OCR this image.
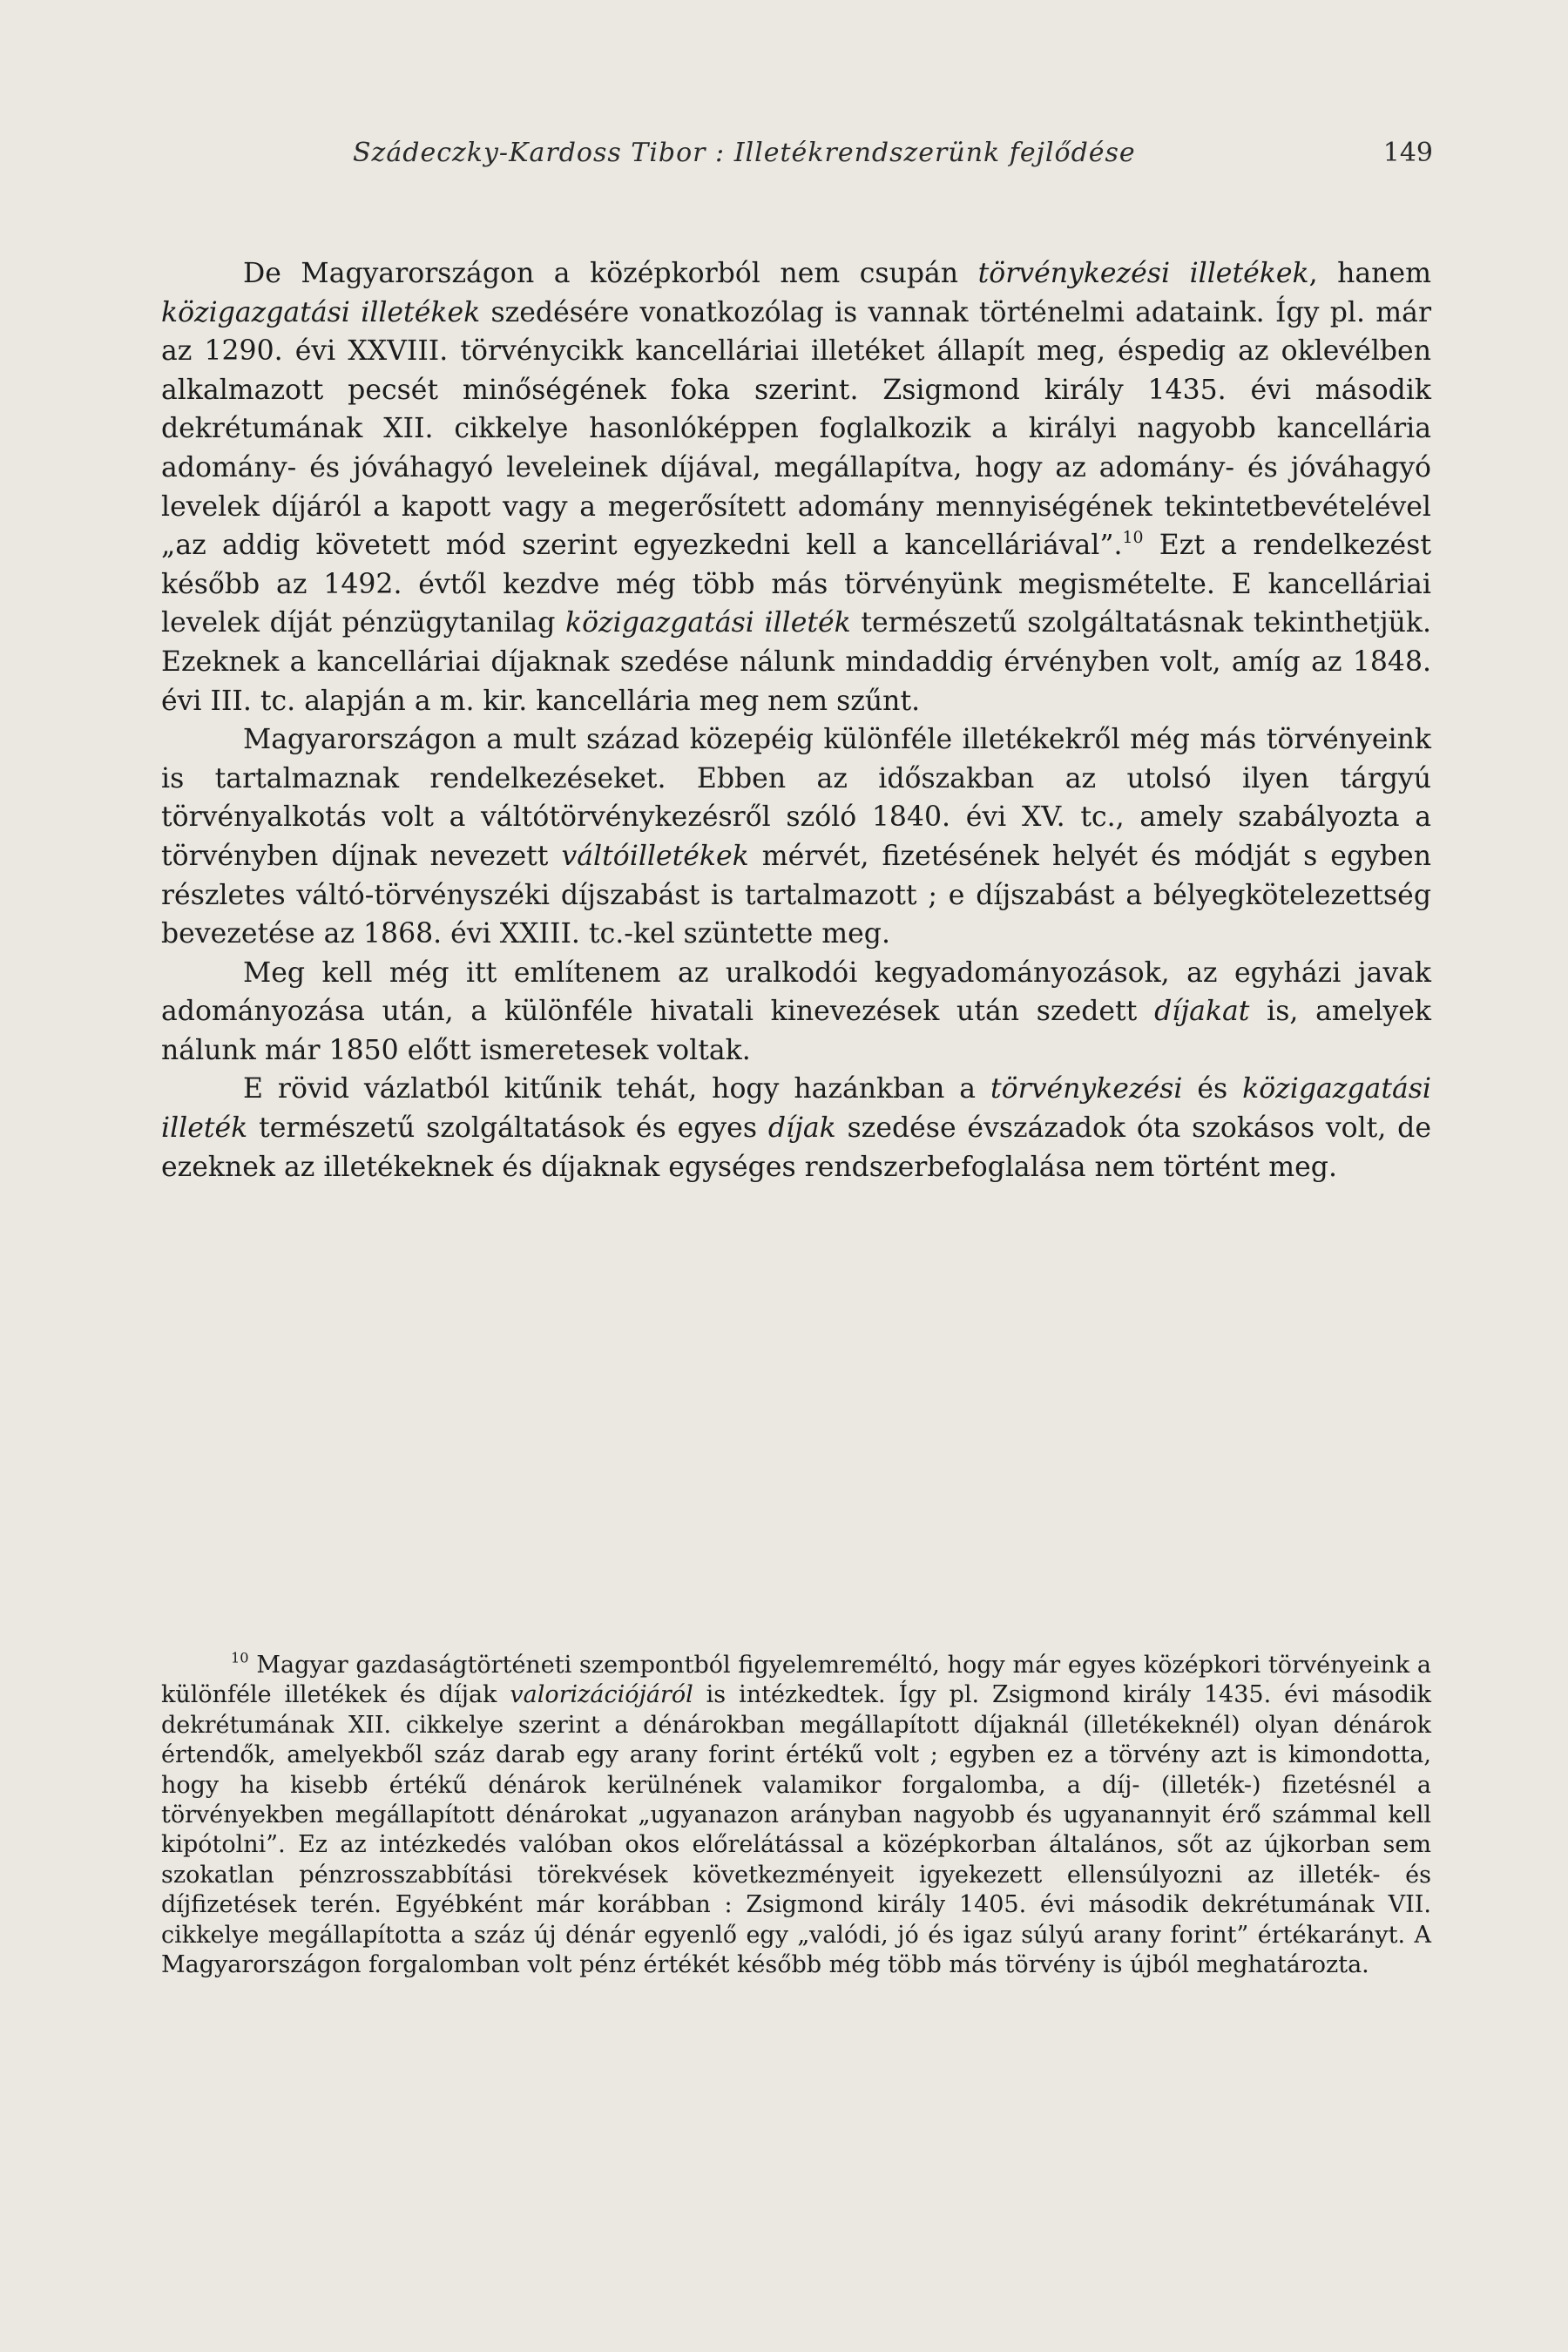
Szádeczky-Kardoss Tibor : Illetékrendszerünk fejlődése	149

De Magyarországon a középkorból nem csupán törvénykezési illetékek, hanem közigazgatási illetékek szedésére vonatkozólag is vannak történelmi adataink. Így pl. már az 1290. évi XXVIII. törvénycikk kancelláriai illetéket állapít meg, éspedig az oklevélben alkalmazott pecsét minőségének foka szerint. Zsigmond király 1435. évi második dekrétumának XII. cikkelye hasonlóképpen foglalkozik a királyi nagyobb kancellária adomány- és jóváhagyó leveleinek díjával, megállapítva, hogy az adomány- és jóváhagyó levelek díjáról a kapott vagy a megerősített adomány mennyiségének tekintetbevételével „az addig követett mód szerint egyezkedni kell a kancelláriával”.$^{10}$ Ezt a rendelkezést később az 1492. évtől kezdve még több más törvényünk megismételte. E kancelláriai levelek díját pénzügytanilag közigazgatási illeték természetű szolgáltatásnak tekinthetjük. Ezeknek a kancelláriai díjaknak szedése nálunk mindaddig érvényben volt, amíg az 1848. évi III. tc. alapján a m. kir. kancellária meg nem szűnt.

Magyarországon a mult század közepéig különféle illetékekről még más törvényeink is tartalmaznak rendelkezéseket. Ebben az időszakban az utolsó ilyen tárgyú törvényalkotás volt a váltótörvénykezésről szóló 1840. évi XV. tc., amely szabályozta a törvényben díjnak nevezett váltóilletékek mérvét, fizetésének helyét és módját s egyben részletes váltó-törvényszéki díjszabást is tartalmazott ; e díjszabást a bélyegkötelezettség bevezetése az 1868. évi XXIII. tc.-kel szüntette meg.

Meg kell még itt említenem az uralkodói kegyadományozások, az egyházi javak adományozása után, a különféle hivatali kinevezések után szedett díjakat is, amelyek nálunk már 1850 előtt ismeretesek voltak.

E rövid vázlatból kitűnik tehát, hogy hazánkban a törvénykezési és közigazgatási illeték természetű szolgáltatások és egyes díjak szedése évszázadok óta szokásos volt, de ezeknek az illetékeknek és díjaknak egységes rendszerbefoglalása nem történt meg.

$^{10}$ Magyar gazdaságtörténeti szempontból figyelemreméltó, hogy már egyes középkori törvényeink a különféle illetékek és díjak valorizációjáról is intézkedtek. Így pl. Zsigmond király 1435. évi második dekrétumának XII. cikkelye szerint a dénárokban megállapított díjaknál (illetékeknél) olyan dénárok értendők, amelyekből száz darab egy arany forint értékű volt ; egyben ez a törvény azt is kimondotta, hogy ha kisebb értékű dénárok kerülnének valamikor forgalomba, a díj- (illeték-) fizetésnél a törvényekben megállapított dénárokat „ugyanazon arányban nagyobb és ugyanannyit érő számmal kell kipótolni”. Ez az intézkedés valóban okos előrelátással a középkorban általános, sőt az újkorban sem szokatlan pénzrosszabbítási törekvések következményeit igyekezett ellensúlyozni az illeték- és díjfizetések terén. Egyébként már korábban : Zsigmond király 1405. évi második dekrétumának VII. cikkelye megállapította a száz új dénár egyenlő egy „valódi, jó és igaz súlyú arany forint” értékarányt. A Magyarországon forgalomban volt pénz értékét később még több más törvény is újból meghatározta.
